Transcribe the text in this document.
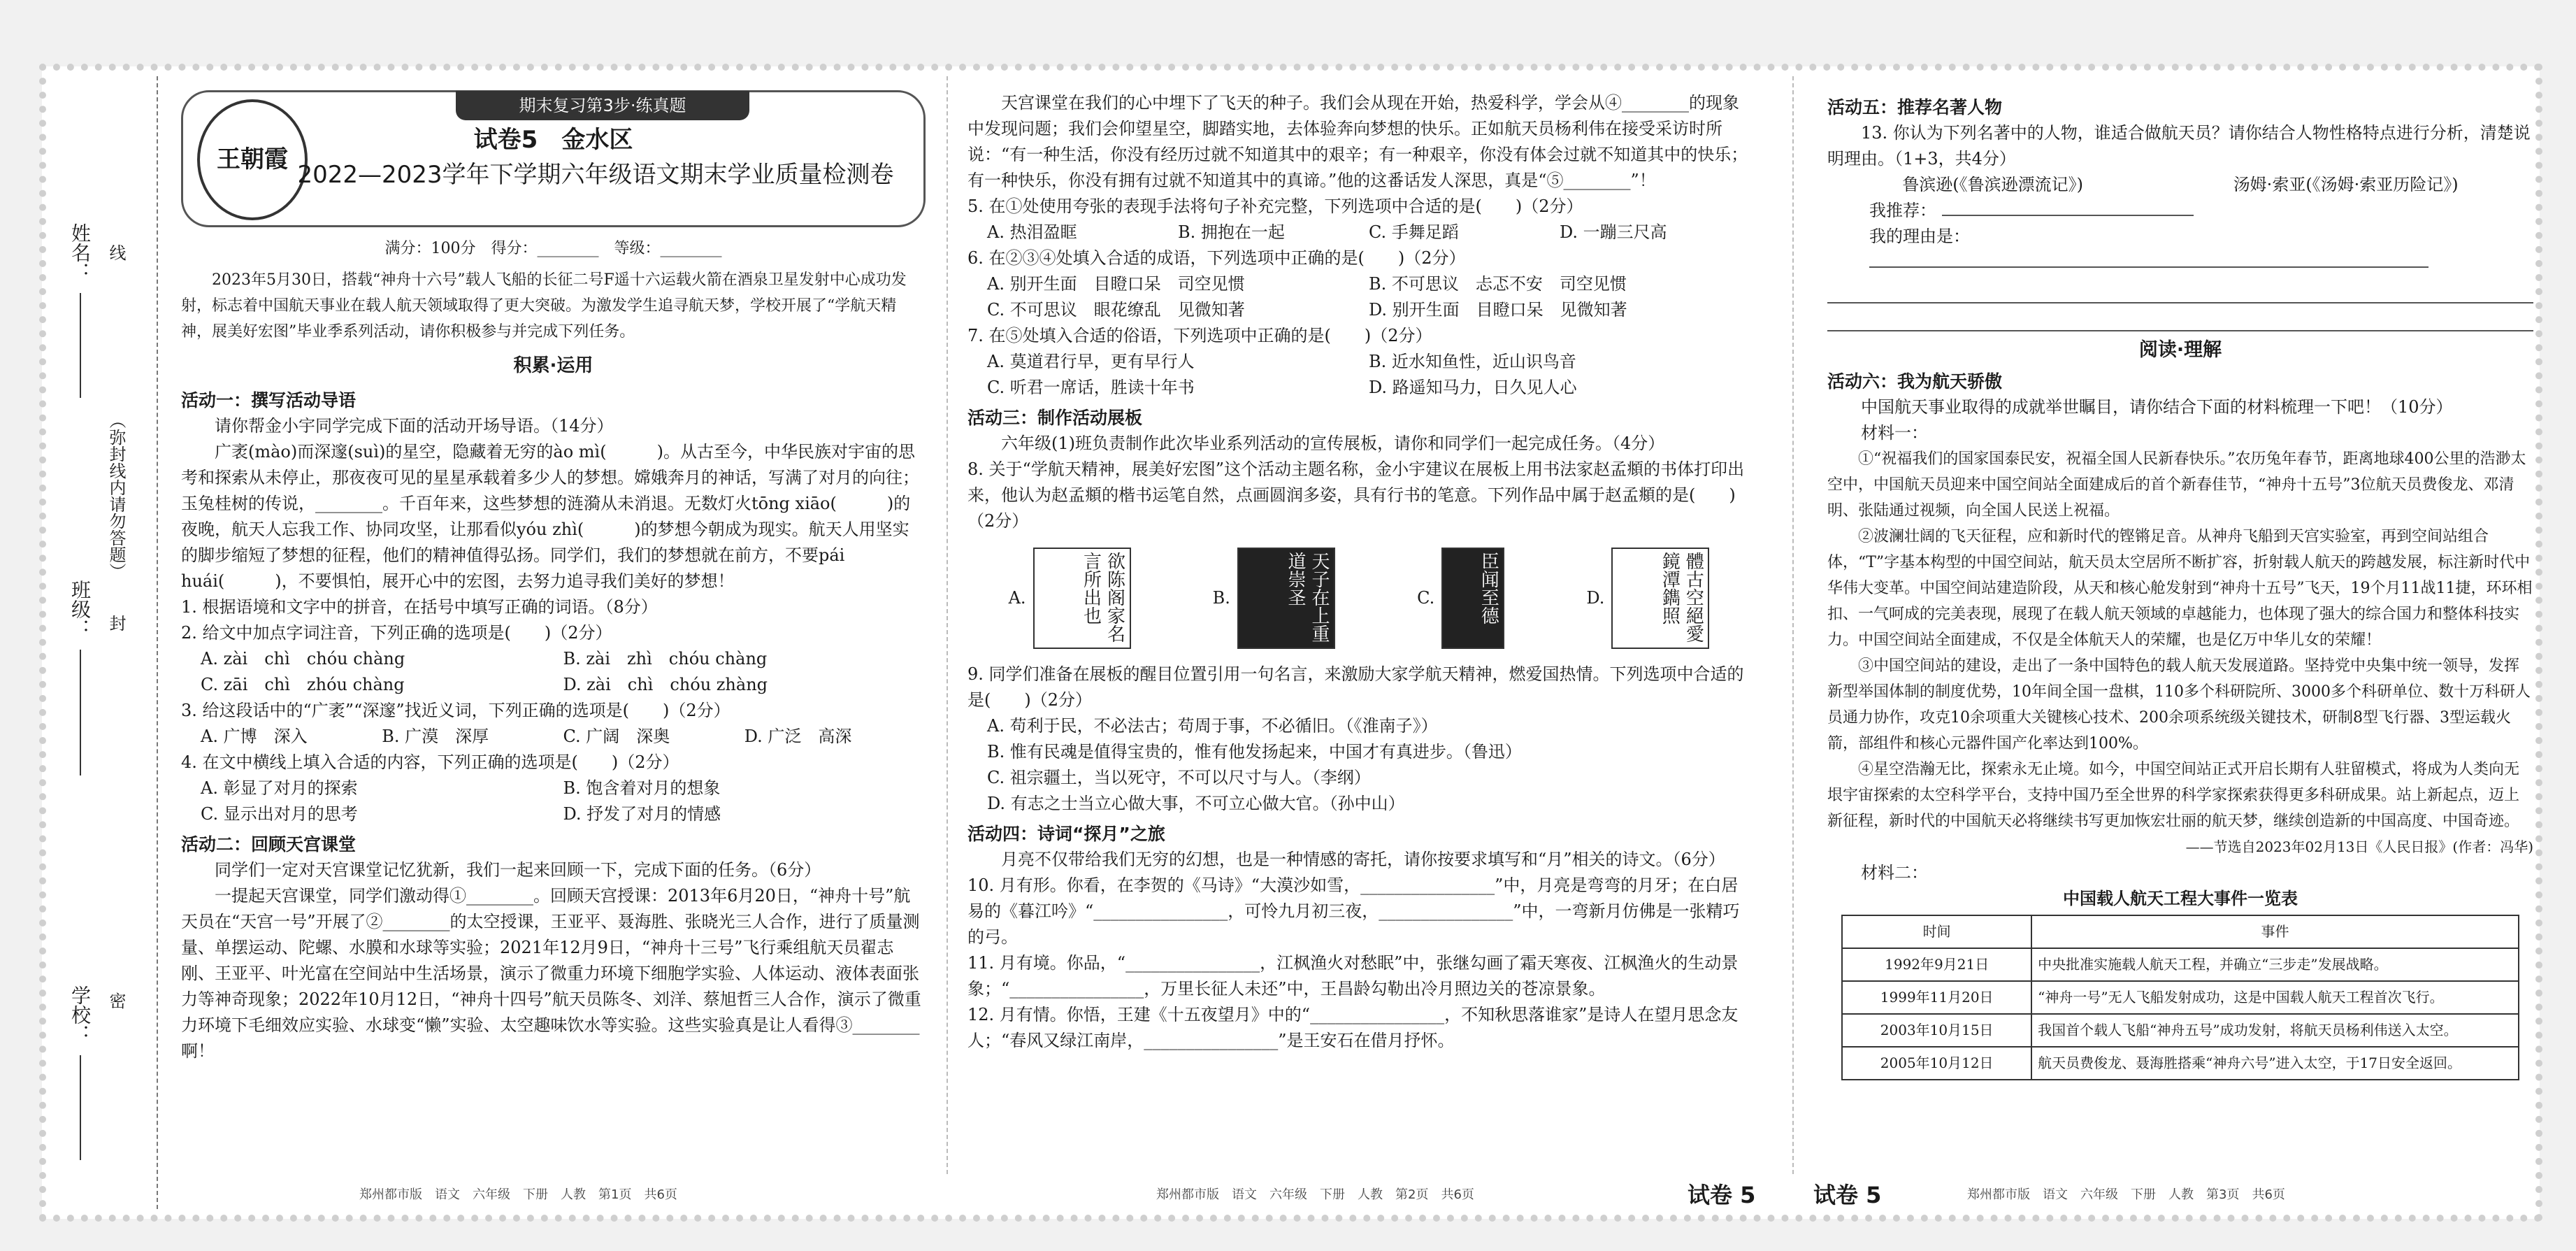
姓名：
班级：
学校：
（弥封线内请勿答题）
线
封
密
王朝霞
期末复习第3步·练真题
试卷5　金水区
2022—2023学年下学期六年级语文期末学业质量检测卷
满分：100分　得分：________　等级：________

2023年5月30日，搭载“神舟十六号”载人飞船的长征二号F遥十六运载火箭在酒泉卫星发射中心成功发射，标志着中国航天事业在载人航天领域取得了更大突破。为激发学生追寻航天梦，学校开展了“学航天精神，展美好宏图”毕业季系列活动，请你积极参与并完成下列任务。

积累·运用
活动一：撰写活动导语

请你帮金小宇同学完成下面的活动开场导语。（14分）

广袤(mào)而深邃(suì)的星空，隐藏着无穷的ào mì(　　　)。从古至今，中华民族对宇宙的思考和探索从未停止，那夜夜可见的星星承载着多少人的梦想。嫦娥奔月的神话，写满了对月的向往；玉兔桂树的传说，________。千百年来，这些梦想的涟漪从未消退。无数灯火tōng xiāo(　　　)的夜晚，航天人忘我工作、协同攻坚，让那看似yóu zhì(　　　)的梦想今朝成为现实。航天人用坚实的脚步缩短了梦想的征程，他们的精神值得弘扬。同学们，我们的梦想就在前方，不要pái huái(　　　)，不要惧怕，展开心中的宏图，去努力追寻我们美好的梦想！

1. 根据语境和文字中的拼音，在括号中填写正确的词语。（8分）

2. 给文中加点字词注音，下列正确的选项是(　　)（2分）

A. zài　chì　chóu chàng	B. zài　zhì　chóu chàng
C. zāi　chì　zhóu chàng	D. zài　chì　chóu zhàng

3. 给这段话中的“广袤”“深邃”找近义词，下列正确的选项是(　　)（2分）

A. 广博　深入	B. 广漠　深厚	C. 广阔　深奥	D. 广泛　高深

4. 在文中横线上填入合适的内容，下列正确的选项是(　　)（2分）

A. 彰显了对月的探索	B. 饱含着对月的想象
C. 显示出对月的思考	D. 抒发了对月的情感
活动二：回顾天宫课堂

同学们一定对天宫课堂记忆犹新，我们一起来回顾一下，完成下面的任务。（6分）

一提起天宫课堂，同学们激动得①________。回顾天宫授课：2013年6月20日，“神舟十号”航天员在“天宫一号”开展了②________的太空授课，王亚平、聂海胜、张晓光三人合作，进行了质量测量、单摆运动、陀螺、水膜和水球等实验；2021年12月9日，“神舟十三号”飞行乘组航天员翟志刚、王亚平、叶光富在空间站中生活场景，演示了微重力环境下细胞学实验、人体运动、液体表面张力等神奇现象；2022年10月12日，“神舟十四号”航天员陈冬、刘洋、蔡旭哲三人合作，演示了微重力环境下毛细效应实验、水球变“懒”实验、太空趣味饮水等实验。这些实验真是让人看得③________啊！

郑州都市版　语文　六年级　下册　人教　第1页　共6页

天宫课堂在我们的心中埋下了飞天的种子。我们会从现在开始，热爱科学，学会从④________的现象中发现问题；我们会仰望星空，脚踏实地，去体验奔向梦想的快乐。正如航天员杨利伟在接受采访时所说：“有一种生活，你没有经历过就不知道其中的艰辛；有一种艰辛，你没有体会过就不知道其中的快乐；有一种快乐，你没有拥有过就不知道其中的真谛。”他的这番话发人深思，真是“⑤________”！

5. 在①处使用夸张的表现手法将句子补充完整，下列选项中合适的是(　　)（2分）

A. 热泪盈眶	B. 拥抱在一起	C. 手舞足蹈	D. 一蹦三尺高

6. 在②③④处填入合适的成语，下列选项中正确的是(　　)（2分）

A. 别开生面　目瞪口呆　司空见惯	B. 不可思议　忐忑不安　司空见惯
C. 不可思议　眼花缭乱　见微知著	D. 别开生面　目瞪口呆　见微知著

7. 在⑤处填入合适的俗语，下列选项中正确的是(　　)（2分）

A. 莫道君行早，更有早行人	B. 近水知鱼性，近山识鸟音
C. 听君一席话，胜读十年书	D. 路遥知马力，日久见人心
活动三：制作活动展板

六年级(1)班负责制作此次毕业系列活动的宣传展板，请你和同学们一起完成任务。（4分）

8. 关于“学航天精神，展美好宏图”这个活动主题名称，金小宇建议在展板上用书法家赵孟頫的书体打印出来，他认为赵孟頫的楷书运笔自然，点画圆润多姿，具有行书的笔意。下列作品中属于赵孟頫的是(　　)（2分）

A.	欲陈阁家名言所出也	B.	天子在上重道崇圣	C.	臣闻至德	D.	體古空絕愛鏡潭鐫照

9. 同学们准备在展板的醒目位置引用一句名言，来激励大家学航天精神，燃爱国热情。下列选项中合适的是(　　)（2分）

A. 苟利于民，不必法古；苟周于事，不必循旧。（《淮南子》）
B. 惟有民魂是值得宝贵的，惟有他发扬起来，中国才有真进步。（鲁迅）
C. 祖宗疆土，当以死守，不可以尺寸与人。（李纲）
D. 有志之士当立心做大事，不可立心做大官。（孙中山）
活动四：诗词“探月”之旅

月亮不仅带给我们无穷的幻想，也是一种情感的寄托，请你按要求填写和“月”相关的诗文。（6分）

10. 月有形。你看，在李贺的《马诗》“大漠沙如雪，________________”中，月亮是弯弯的月牙；在白居易的《暮江吟》“________________，可怜九月初三夜，________________”中，一弯新月仿佛是一张精巧的弓。

11. 月有境。你品，“________________，江枫渔火对愁眠”中，张继勾画了霜天寒夜、江枫渔火的生动景象；“________________，万里长征人未还”中，王昌龄勾勒出冷月照边关的苍凉景象。

12. 月有情。你悟，王建《十五夜望月》中的“________________，不知秋思落谁家”是诗人在望月思念友人；“春风又绿江南岸，________________”是王安石在借月抒怀。

郑州都市版　语文　六年级　下册　人教　第2页　共6页	试卷 5
活动五：推荐名著人物

13. 你认为下列名著中的人物，谁适合做航天员？请你结合人物性格特点进行分析，清楚说明理由。（1+3，共4分）

鲁滨逊(《鲁滨逊漂流记》)	汤姆·索亚(《汤姆·索亚历险记》)

我推荐：

我的理由是：

阅读·理解
活动六：我为航天骄傲

中国航天事业取得的成就举世瞩目，请你结合下面的材料梳理一下吧！（10分）

材料一：

①“祝福我们的国家国泰民安，祝福全国人民新春快乐。”农历兔年春节，距离地球400公里的浩渺太空中，中国航天员迎来中国空间站全面建成后的首个新春佳节，“神舟十五号”3位航天员费俊龙、邓清明、张陆通过视频，向全国人民送上祝福。

②波澜壮阔的飞天征程，应和新时代的铿锵足音。从神舟飞船到天宫实验室，再到空间站组合体，“T”字基本构型的中国空间站，航天员太空居所不断扩容，折射载人航天的跨越发展，标注新时代中华伟大变革。中国空间站建造阶段，从天和核心舱发射到“神舟十五号”飞天，19个月11战11捷，环环相扣、一气呵成的完美表现，展现了在载人航天领域的卓越能力，也体现了强大的综合国力和整体科技实力。中国空间站全面建成，不仅是全体航天人的荣耀，也是亿万中华儿女的荣耀！

③中国空间站的建设，走出了一条中国特色的载人航天发展道路。坚持党中央集中统一领导，发挥新型举国体制的制度优势，10年间全国一盘棋，110多个科研院所、3000多个科研单位、数十万科研人员通力协作，攻克10余项重大关键核心技术、200余项系统级关键技术，研制8型飞行器、3型运载火箭，部组件和核心元器件国产化率达到100%。

④星空浩瀚无比，探索永无止境。如今，中国空间站正式开启长期有人驻留模式，将成为人类向无垠宇宙探索的太空科学平台，支持中国乃至全世界的科学家探索获得更多科研成果。站上新起点，迈上新征程，新时代的中国航天必将继续书写更加恢宏壮丽的航天梦，继续创造新的中国高度、中国奇迹。

——节选自2023年02月13日《人民日报》(作者：冯华)

材料二：

中国载人航天工程大事件一览表
时间	事件
1992年9月21日	中央批准实施载人航天工程，并确立“三步走”发展战略。
1999年11月20日	“神舟一号”无人飞船发射成功，这是中国载人航天工程首次飞行。
2003年10月15日	我国首个载人飞船“神舟五号”成功发射，将航天员杨利伟送入太空。
2005年10月12日	航天员费俊龙、聂海胜搭乘“神舟六号”进入太空，于17日安全返回。
试卷 5	郑州都市版　语文　六年级　下册　人教　第3页　共6页
